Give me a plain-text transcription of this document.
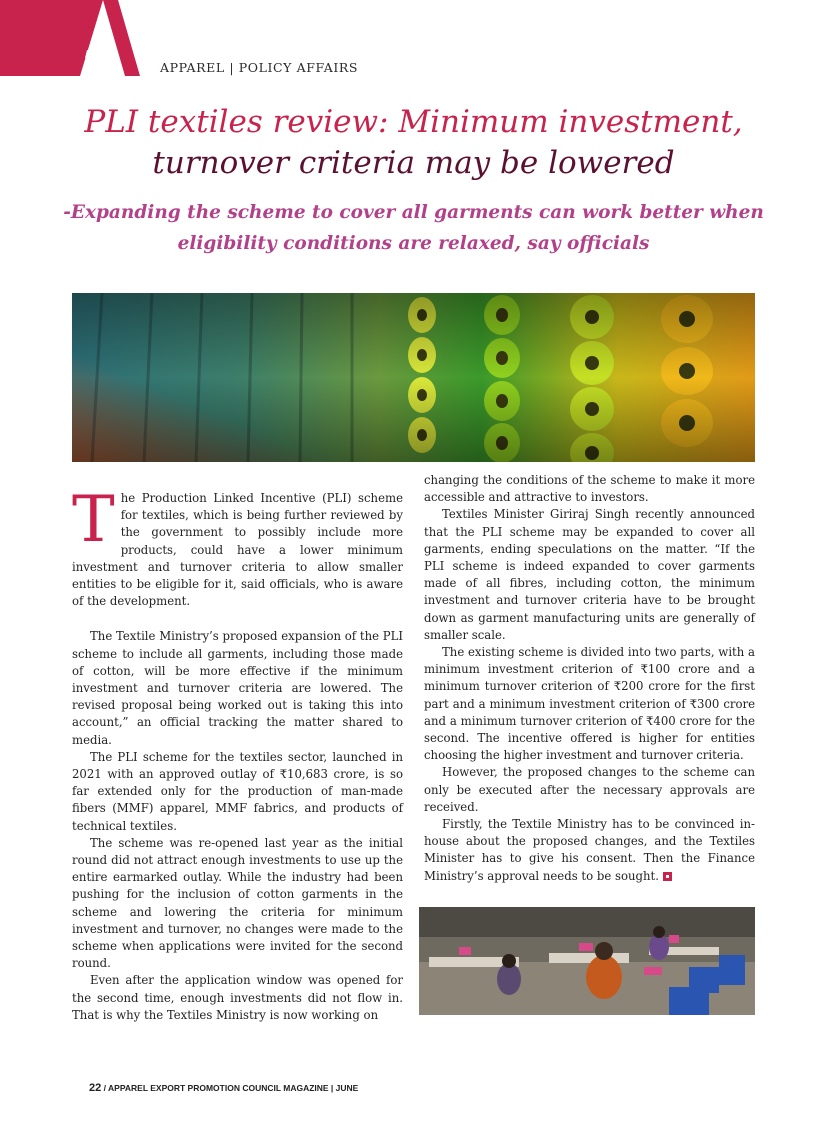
APPAREL | POLICY AFFAIRS
PLI textiles review: Minimum investment,
turnover criteria may be lowered

-Expanding the scheme to cover all garments can work better when eligibility conditions are relaxed, say officials

T he Production Linked Incentive (PLI) scheme for textiles, which is being further reviewed by the government to possibly include more products, could have a lower minimum investment and turnover criteria to allow smaller entities to be eligible for it, said officials, who is aware of the development.

The Textile Ministry’s proposed expansion of the PLI scheme to include all garments, including those made of cotton, will be more effective if the minimum investment and turnover criteria are lowered. The revised proposal being worked out is taking this into account,” an official tracking the matter shared to media.

The PLI scheme for the textiles sector, launched in 2021 with an approved outlay of ₹10,683 crore, is so far extended only for the production of man-made fibers (MMF) apparel, MMF fabrics, and products of technical textiles.

The scheme was re-opened last year as the initial round did not attract enough investments to use up the entire earmarked outlay. While the industry had been pushing for the inclusion of cotton garments in the scheme and lowering the criteria for minimum investment and turnover, no changes were made to the scheme when applications were invited for the second round.

Even after the application window was opened for the second time, enough investments did not flow in. That is why the Textiles Ministry is now working on

changing the conditions of the scheme to make it more accessible and attractive to investors.

Textiles Minister Giriraj Singh recently announced that the PLI scheme may be expanded to cover all garments, ending speculations on the matter. “If the PLI scheme is indeed expanded to cover garments made of all fibres, including cotton, the minimum investment and turnover criteria have to be brought down as garment manufacturing units are generally of smaller scale.

The existing scheme is divided into two parts, with a minimum investment criterion of ₹100 crore and a minimum turnover criterion of ₹200 crore for the first part and a minimum investment criterion of ₹300 crore and a minimum turnover criterion of ₹400 crore for the second. The incentive offered is higher for entities choosing the higher investment and turnover criteria.

However, the proposed changes to the scheme can only be executed after the necessary approvals are received.

Firstly, the Textile Ministry has to be convinced in-house about the proposed changes, and the Textiles Minister has to give his consent. Then the Finance Ministry’s approval needs to be sought.

22 / APPAREL EXPORT PROMOTION COUNCIL MAGAZINE | JUNE
